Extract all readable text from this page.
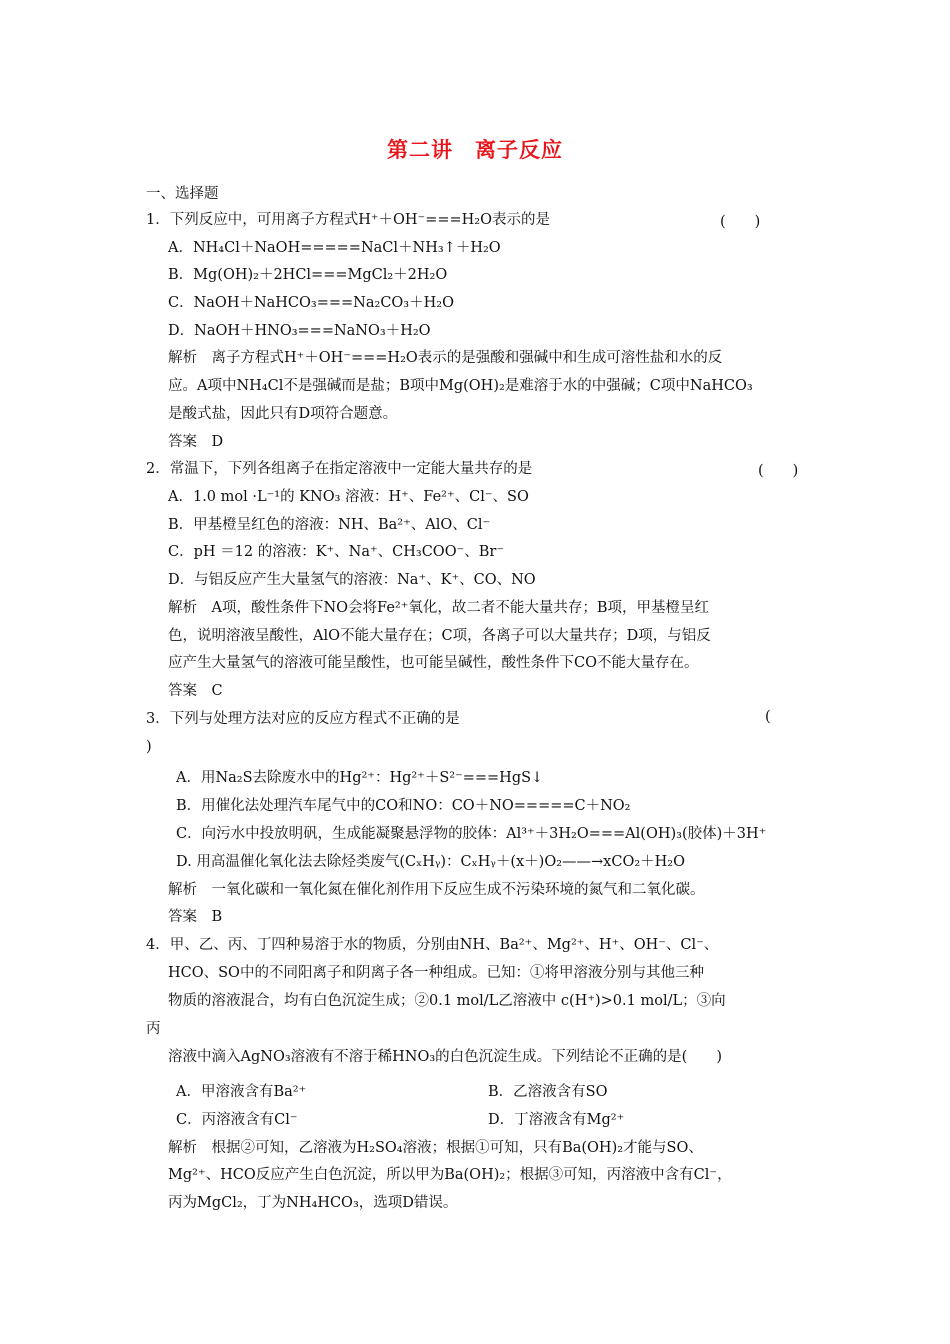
第二讲　离子反应
一、选择题
1．下列反应中，可用离子方程式H⁺＋OH⁻===H₂O表示的是	(　　)
A．NH₄Cl＋NaOH=====NaCl＋NH₃↑＋H₂O
B．Mg(OH)₂＋2HCl===MgCl₂＋2H₂O
C．NaOH＋NaHCO₃===Na₂CO₃＋H₂O
D．NaOH＋HNO₃===NaNO₃＋H₂O
解析　离子方程式H⁺＋OH⁻===H₂O表示的是强酸和强碱中和生成可溶性盐和水的反
应。A项中NH₄Cl不是强碱而是盐；B项中Mg(OH)₂是难溶于水的中强碱；C项中NaHCO₃
是酸式盐，因此只有D项符合题意。
答案　D
2．常温下，下列各组离子在指定溶液中一定能大量共存的是	(　　)
A．1.0 mol ·L⁻¹的 KNO₃ 溶液：H⁺、Fe²⁺、Cl⁻、SO
B．甲基橙呈红色的溶液：NH、Ba²⁺、AlO、Cl⁻
C．pH ＝12 的溶液：K⁺、Na⁺、CH₃COO⁻、Br⁻
D．与铝反应产生大量氢气的溶液：Na⁺、K⁺、CO、NO
解析　A项，酸性条件下NO会将Fe²⁺氧化，故二者不能大量共存；B项，甲基橙呈红
色，说明溶液呈酸性，AlO不能大量存在；C项，各离子可以大量共存；D项，与铝反
应产生大量氢气的溶液可能呈酸性，也可能呈碱性，酸性条件下CO不能大量存在。
答案　C
3．下列与处理方法对应的反应方程式不正确的是	(
)
A．用Na₂S去除废水中的Hg²⁺：Hg²⁺＋S²⁻===HgS↓
B．用催化法处理汽车尾气中的CO和NO：CO＋NO=====C＋NO₂
C．向污水中投放明矾，生成能凝聚悬浮物的胶体：Al³⁺＋3H₂O===Al(OH)₃(胶体)＋3H⁺
D. 用高温催化氧化法去除烃类废气(CₓHᵧ)：CₓHᵧ＋(x＋)O₂——→xCO₂＋H₂O
解析　一氧化碳和一氧化氮在催化剂作用下反应生成不污染环境的氮气和二氧化碳。
答案　B
4．甲、乙、丙、丁四种易溶于水的物质，分别由NH、Ba²⁺、Mg²⁺、H⁺、OH⁻、Cl⁻、
HCO、SO中的不同阳离子和阴离子各一种组成。已知：①将甲溶液分别与其他三种
物质的溶液混合，均有白色沉淀生成；②0.1 mol/L乙溶液中 c(H⁺)>0.1 mol/L；③向
丙
溶液中滴入AgNO₃溶液有不溶于稀HNO₃的白色沉淀生成。下列结论不正确的是(　　)
A．甲溶液含有Ba²⁺	B．乙溶液含有SO
C．丙溶液含有Cl⁻	D．丁溶液含有Mg²⁺
解析　根据②可知，乙溶液为H₂SO₄溶液；根据①可知，只有Ba(OH)₂才能与SO、
Mg²⁺、HCO反应产生白色沉淀，所以甲为Ba(OH)₂；根据③可知，丙溶液中含有Cl⁻，
丙为MgCl₂，丁为NH₄HCO₃，选项D错误。
